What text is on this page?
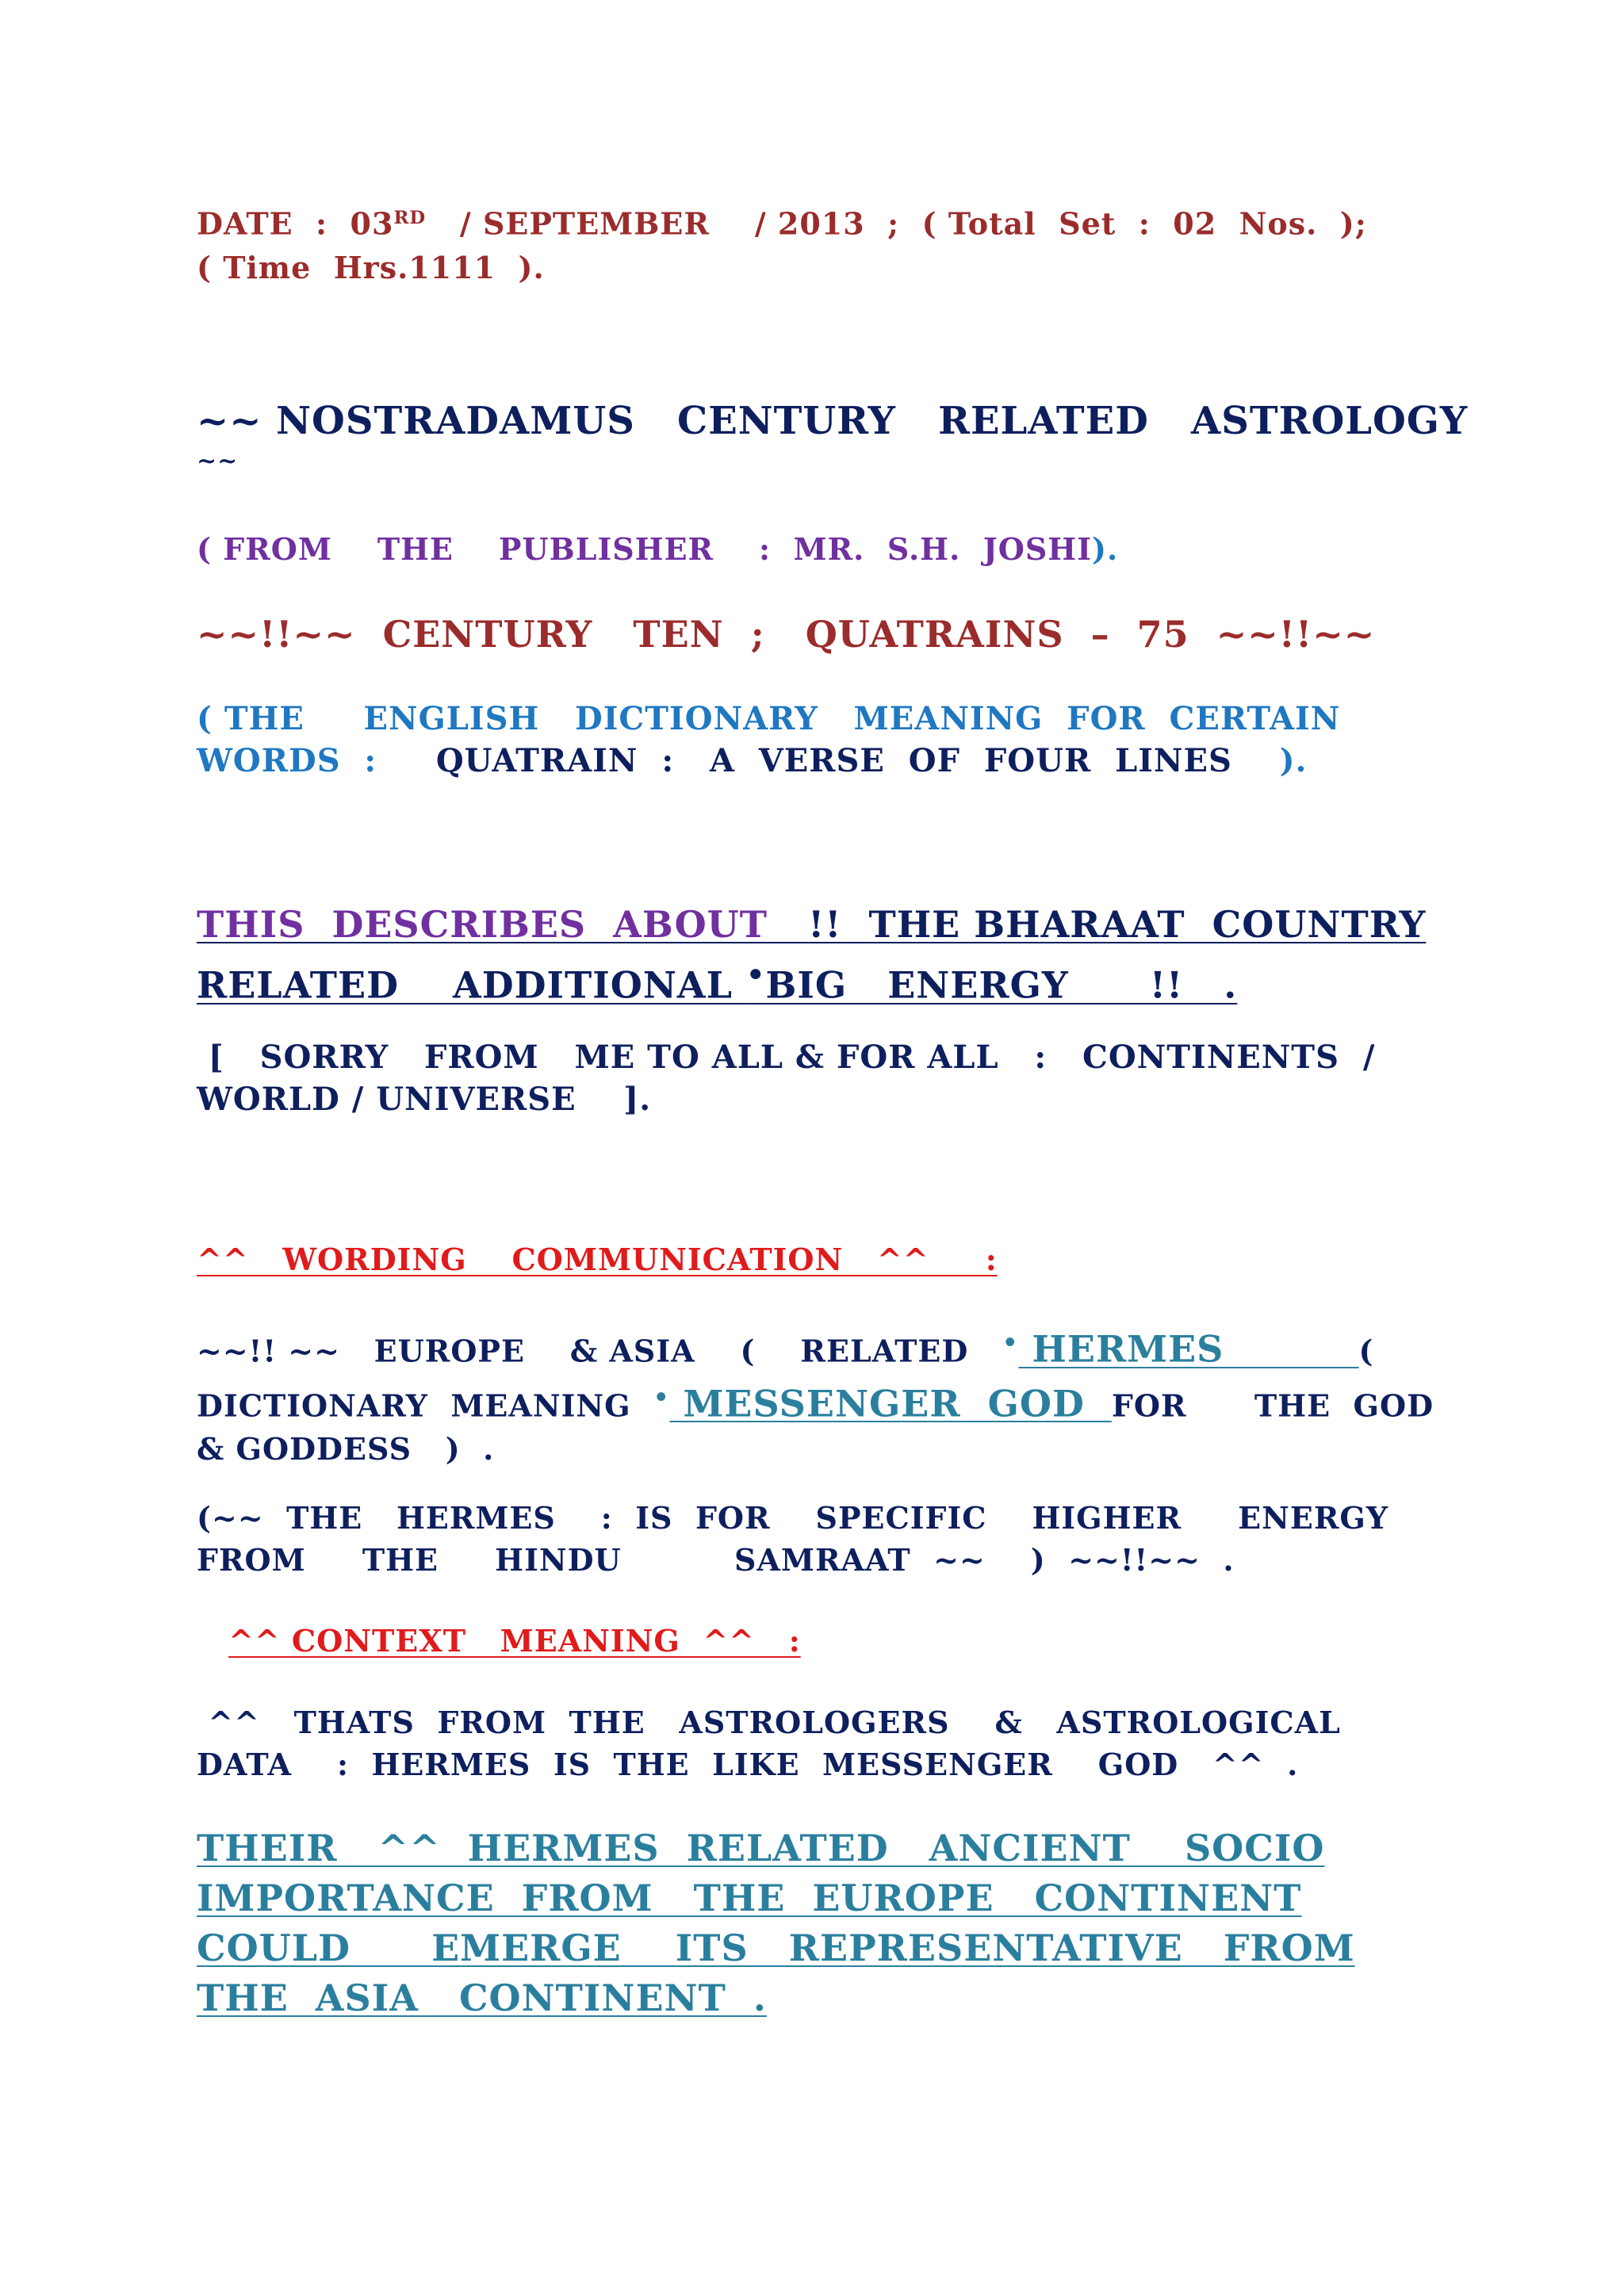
DATE  :  03RD   / SEPTEMBER    / 2013  ;  ( Total  Set  :  02  Nos.  );
( Time  Hrs.1111  ).
~~ NOSTRADAMUS   CENTURY   RELATED   ASTROLOGY
~~
( FROM    THE    PUBLISHER    :  MR.  S.H.  JOSHI).
~~!!~~  CENTURY   TEN  ;   QUATRAINS  –  75  ~~!!~~
( THE     ENGLISH   DICTIONARY   MEANING  FOR  CERTAIN
WORDS  :     QUATRAIN  :   A  VERSE  OF  FOUR  LINES    ).
THIS  DESCRIBES  ABOUT   !!  THE BHARAAT  COUNTRY
RELATED    ADDITIONAL •BIG   ENERGY      !!   .
[   SORRY   FROM   ME TO ALL & FOR ALL   :   CONTINENTS  /
WORLD / UNIVERSE    ].
^^   WORDING    COMMUNICATION   ^^     :
~~!! ~~   EUROPE    & ASIA    (    RELATED   • HERMES          (
DICTIONARY  MEANING  • MESSENGER  GOD  FOR      THE  GOD
& GODDESS   )  .
(~~  THE   HERMES    :  IS  FOR    SPECIFIC    HIGHER     ENERGY
FROM     THE     HINDU          SAMRAAT  ~~    )  ~~!!~~  .
^^ CONTEXT   MEANING  ^^   :
^^   THATS  FROM  THE   ASTROLOGERS    &   ASTROLOGICAL
DATA    :  HERMES  IS  THE  LIKE  MESSENGER    GOD   ^^  .
THEIR   ^^  HERMES  RELATED   ANCIENT    SOCIO
IMPORTANCE  FROM   THE  EUROPE   CONTINENT
COULD      EMERGE    ITS   REPRESENTATIVE   FROM
THE  ASIA   CONTINENT  .
